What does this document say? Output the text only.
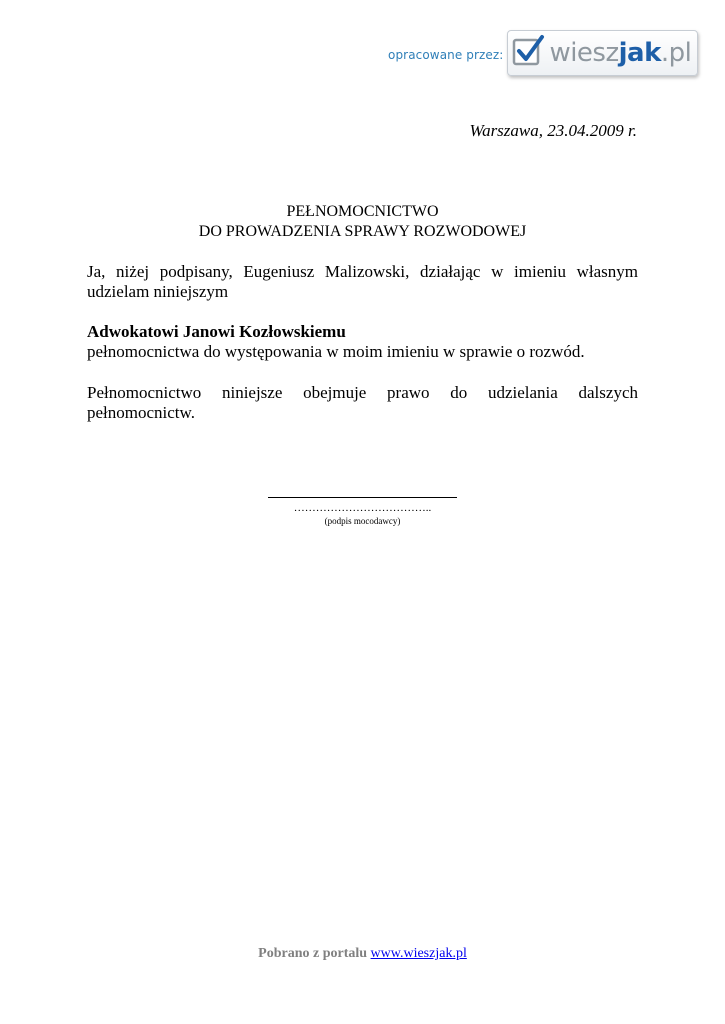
opracowane przez: wieszjak.pl
Warszawa, 23.04.2009 r.
PEŁNOMOCNICTWO
DO PROWADZENIA SPRAWY ROZWODOWEJ
Ja, niżej podpisany, Eugeniusz Malizowski, działając w imieniu własnym
udzielam niniejszym
Adwokatowi Janowi Kozłowskiemu
pełnomocnictwa do występowania w moim imieniu w sprawie o rozwód.
Pełnomocnictwo niniejsze obejmuje prawo do udzielania dalszych
pełnomocnictw.
………………………………..
(podpis mocodawcy)
Pobrano z portalu www.wieszjak.pl
